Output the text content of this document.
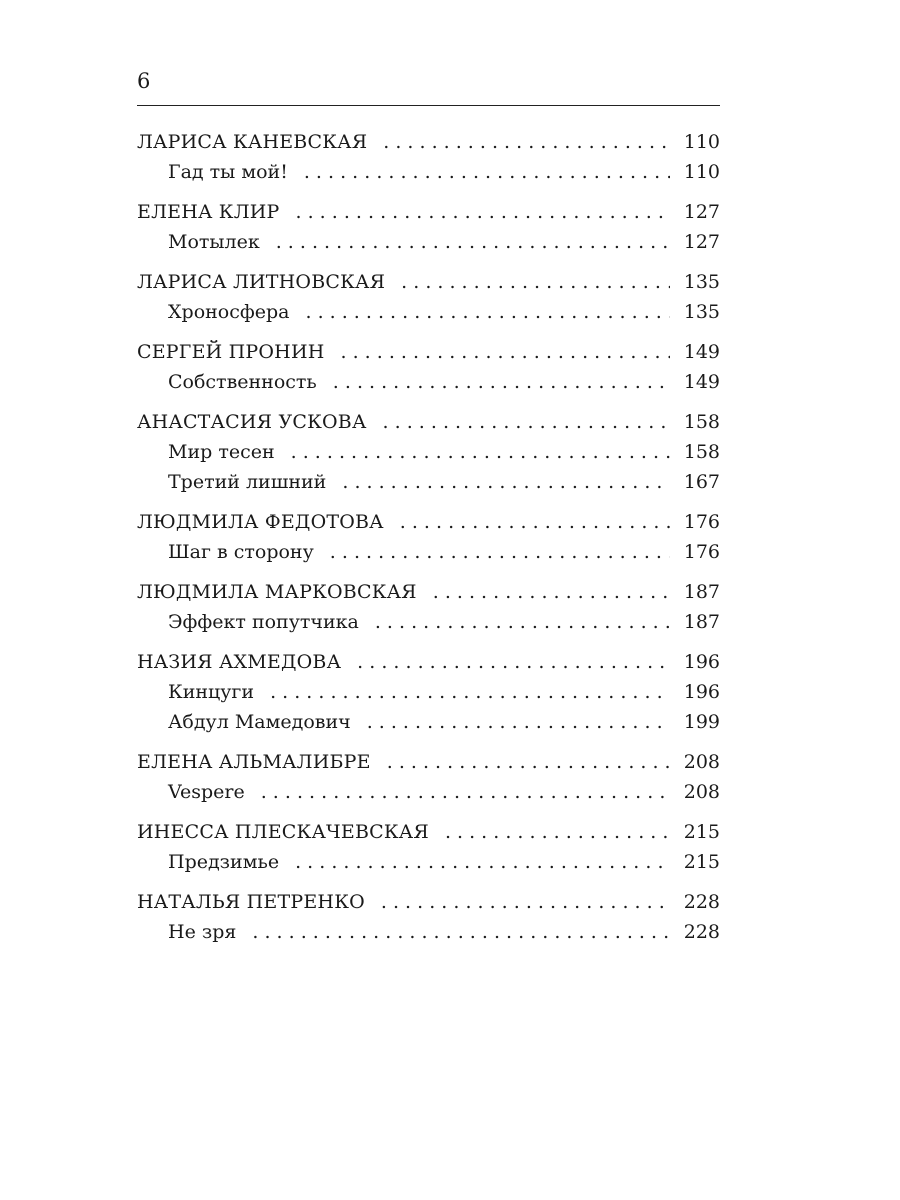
6
ЛАРИСА КАНЕВСКАЯ . . .	110
Гад ты мой! . . .	110
ЕЛЕНА КЛИР . . .	127
Мотылек . . .	127
ЛАРИСА ЛИТНОВСКАЯ . . .	135
Хроносфера . . .	135
СЕРГЕЙ ПРОНИН . . .	149
Собственность . . .	149
АНАСТАСИЯ УСКОВА . . .	158
Мир тесен . . .	158
Третий лишний . . .	167
ЛЮДМИЛА ФЕДОТОВА . . .	176
Шаг в сторону . . .	176
ЛЮДМИЛА МАРКОВСКАЯ . . .	187
Эффект попутчика . . .	187
НАЗИЯ АХМЕДОВА . . .	196
Кинцуги . . .	196
Абдул Мамедович . . .	199
ЕЛЕНА АЛЬМАЛИБРЕ . . .	208
Vespere . . .	208
ИНЕССА ПЛЕСКАЧЕВСКАЯ . . .	215
Предзимье . . .	215
НАТАЛЬЯ ПЕТРЕНКО . . .	228
Не зря . . .	228
